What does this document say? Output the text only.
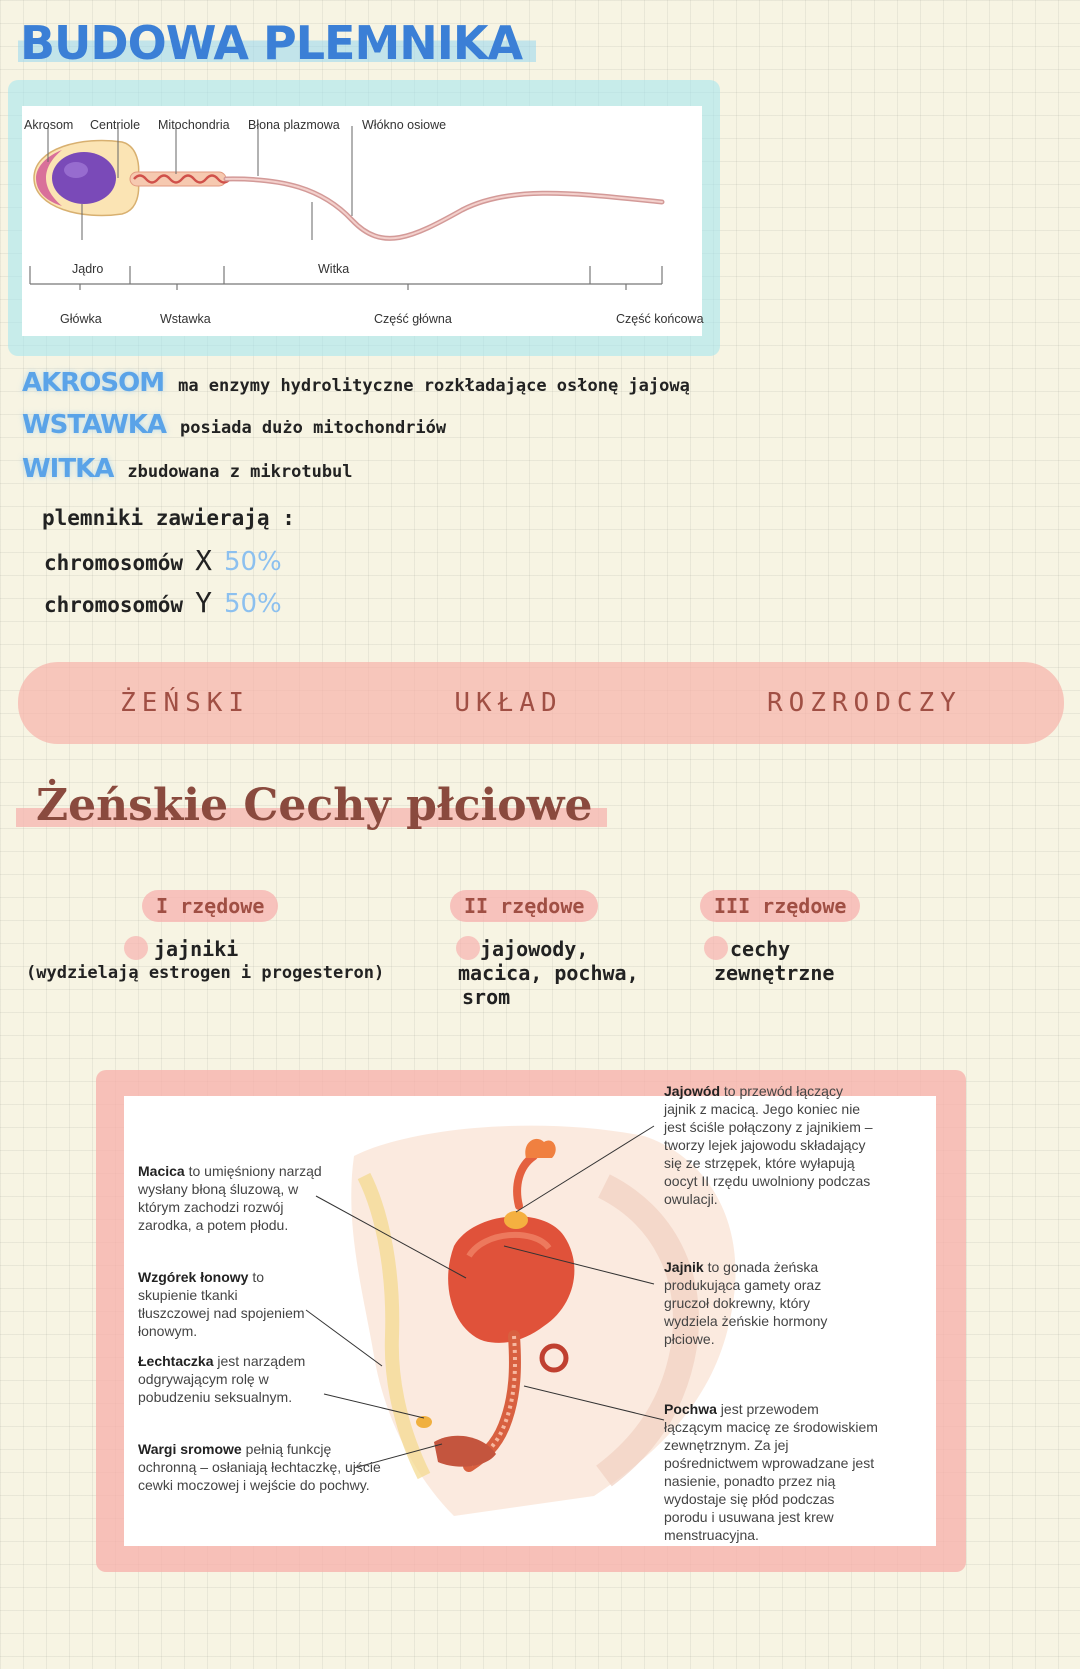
BUDOWA PLEMNIKA
Akrosom Centriole Mitochondria Błona plazmowa Włókno osiowe
Jądro	Witka
Główka	Wstawka	Część główna	Część końcowa
AKROSOM ma enzymy hydrolityczne rozkładające osłonę jajową
WSTAWKA posiada dużo mitochondriów
WITKA zbudowana z mikrotubul
plemniki zawierają :
chromosomów X 50%
chromosomów Y 50%
ŻEŃSKI	UKŁAD	ROZRODCZY
Żeńskie Cechy płciowe
I rzędowe
jajniki
(wydzielają estrogen i progesteron)
II rzędowe
jajowody,
macica, pochwa,
srom
III rzędowe
cechy
zewnętrzne
Macica to umięśniony narząd wysłany błoną śluzową, w którym zachodzi rozwój zarodka, a potem płodu.
Wzgórek łonowy to skupienie tkanki tłuszczowej nad spojeniem łonowym.
Łechtaczka jest narządem odgrywającym rolę w pobudzeniu seksualnym.
Wargi sromowe pełnią funkcję ochronną – osłaniają łechtaczkę, ujście cewki moczowej i wejście do pochwy.
Jajowód to przewód łączący jajnik z macicą. Jego koniec nie jest ściśle połączony z jajnikiem – tworzy lejek jajowodu składający się ze strzępek, które wyłapują oocyt II rzędu uwolniony podczas owulacji.
Jajnik to gonada żeńska produkująca gamety oraz gruczoł dokrewny, który wydziela żeńskie hormony płciowe.
Pochwa jest przewodem łączącym macicę ze środowiskiem zewnętrznym. Za jej pośrednictwem wprowadzane jest nasienie, ponadto przez nią wydostaje się płód podczas porodu i usuwana jest krew menstruacyjna.
